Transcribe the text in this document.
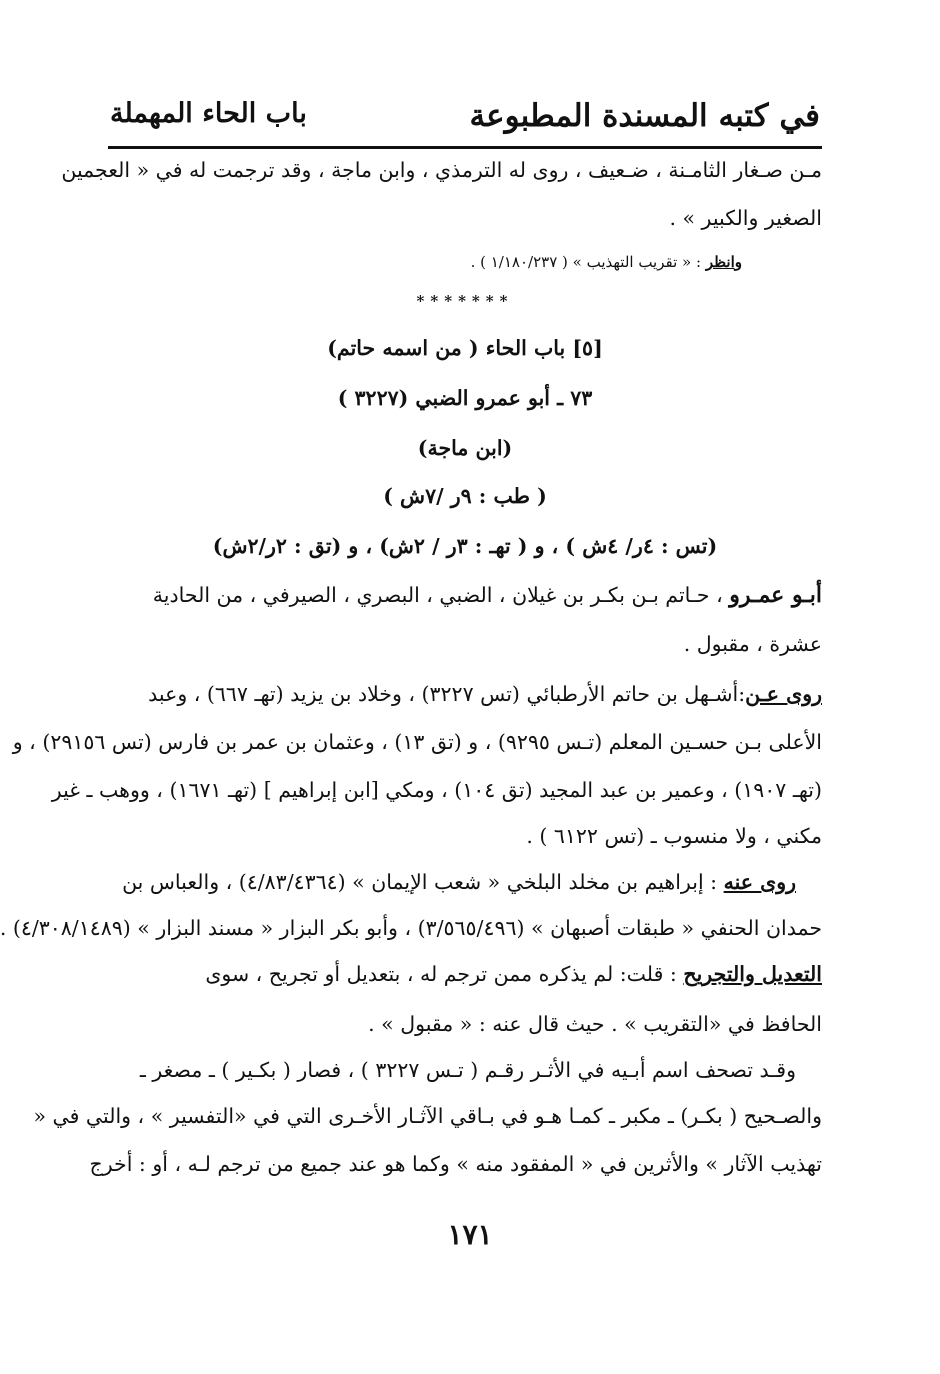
في كتبه المسندة المطبوعة
باب الحاء المهملة
مـن صـغار الثامـنة ، ضـعيف ، روى له الترمذي ، وابن ماجة ، وقد ترجمت له في « العجمين
الصغير والكبير » .
وانظر : « تقريب التهذيب » ( ١/١٨٠/٢٣٧ ) .
*******
[٥] باب الحاء ( من اسمه حاتم)
٧٣ ـ أبو عمرو الضبي (٣٢٢٧ )
(ابن ماجة)
( طب : ٩ر /٧ش )
(تس : ٤ر/ ٤ش ) ، و ( تهـ : ٣ر / ٢ش) ، و (تق : ٢ر/٢ش)
أبـو عمـرو ، حـاتم بـن بكـر بن غيلان ، الضبي ، البصري ، الصيرفي ، من الحادية
عشرة ، مقبول .
روى عـن:أشـهل بن حاتم الأرطبائي (تس ٣٢٢٧) ، وخلاد بن يزيد (تهـ ٦٦٧) ، وعبد
الأعلى بـن حسـين المعلم (تـس ٩٢٩٥) ، و (تق ١٣) ، وعثمان بن عمر بن فارس (تس ٢٩١٥٦) ، و
(تهـ ١٩٠٧) ، وعمير بن عبد المجيد (تق ١٠٤) ، ومكي [ابن إبراهيم ] (تهـ ١٦٧١) ، ووهب ـ غير
مكني ، ولا منسوب ـ (تس ٦١٢٢ ) .
روى عنه : إبراهيم بن مخلد البلخي « شعب الإيمان » (٤/٨٣/٤٣٦٤) ، والعباس بن
حمدان الحنفي « طبقات أصبهان » (٣/٥٦٥/٤٩٦) ، وأبو بكر البزار « مسند البزار » (٤/٣٠٨/١٤٨٩) .
التعديل والتجريح : قلت: لم يذكره ممن ترجم له ، بتعديل أو تجريح ، سوى
الحافظ في «التقريب » . حيث قال عنه : « مقبول » .
وقـد تصحف اسم أبـيه في الأثـر رقـم ( تـس ٣٢٢٧ ) ، فصار ( بكـير ) ـ مصغر ـ
والصـحيح ( بكـر) ـ مكبر ـ كمـا هـو في بـاقي الآثـار الأخـرى التي في «التفسير » ، والتي في «
تهذيب الآثار » والأثرين في « المفقود منه » وكما هو عند جميع من ترجم لـه ، أو : أخرج
١٧١
